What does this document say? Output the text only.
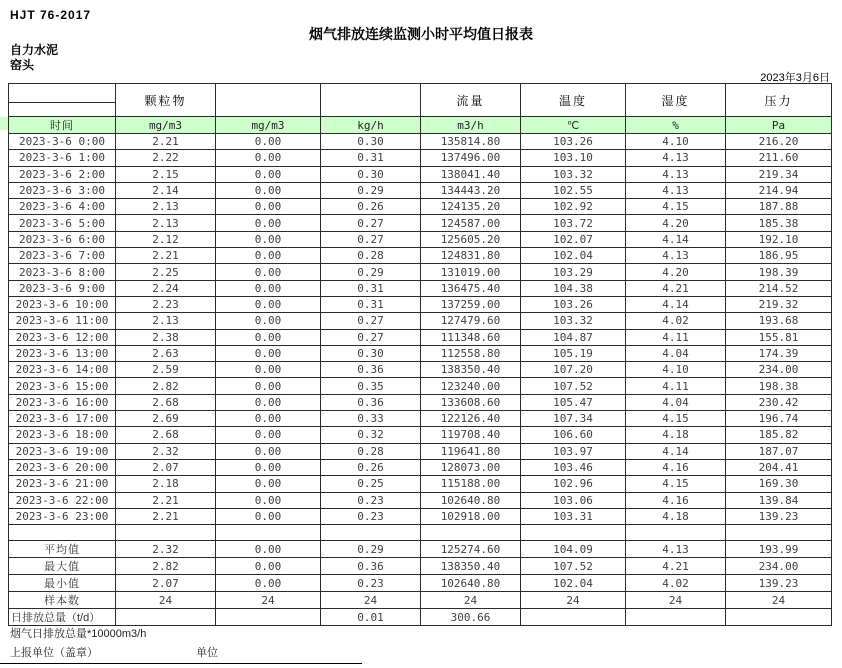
HJT 76-2017
烟气排放连续监测小时平均值日报表
自力水泥
窑头
2023年3月6日
	颗粒物			流量	温度	湿度	压力

时间	mg/m3	mg/m3	kg/h	m3/h	℃	%	Pa
2023-3-6 0:00	2.21	0.00	0.30	135814.80	103.26	4.10	216.20
2023-3-6 1:00	2.22	0.00	0.31	137496.00	103.10	4.13	211.60
2023-3-6 2:00	2.15	0.00	0.30	138041.40	103.32	4.13	219.34
2023-3-6 3:00	2.14	0.00	0.29	134443.20	102.55	4.13	214.94
2023-3-6 4:00	2.13	0.00	0.26	124135.20	102.92	4.15	187.88
2023-3-6 5:00	2.13	0.00	0.27	124587.00	103.72	4.20	185.38
2023-3-6 6:00	2.12	0.00	0.27	125605.20	102.07	4.14	192.10
2023-3-6 7:00	2.21	0.00	0.28	124831.80	102.04	4.13	186.95
2023-3-6 8:00	2.25	0.00	0.29	131019.00	103.29	4.20	198.39
2023-3-6 9:00	2.24	0.00	0.31	136475.40	104.38	4.21	214.52
2023-3-6 10:00	2.23	0.00	0.31	137259.00	103.26	4.14	219.32
2023-3-6 11:00	2.13	0.00	0.27	127479.60	103.32	4.02	193.68
2023-3-6 12:00	2.38	0.00	0.27	111348.60	104.87	4.11	155.81
2023-3-6 13:00	2.63	0.00	0.30	112558.80	105.19	4.04	174.39
2023-3-6 14:00	2.59	0.00	0.36	138350.40	107.20	4.10	234.00
2023-3-6 15:00	2.82	0.00	0.35	123240.00	107.52	4.11	198.38
2023-3-6 16:00	2.68	0.00	0.36	133608.60	105.47	4.04	230.42
2023-3-6 17:00	2.69	0.00	0.33	122126.40	107.34	4.15	196.74
2023-3-6 18:00	2.68	0.00	0.32	119708.40	106.60	4.18	185.82
2023-3-6 19:00	2.32	0.00	0.28	119641.80	103.97	4.14	187.07
2023-3-6 20:00	2.07	0.00	0.26	128073.00	103.46	4.16	204.41
2023-3-6 21:00	2.18	0.00	0.25	115188.00	102.96	4.15	169.30
2023-3-6 22:00	2.21	0.00	0.23	102640.80	103.06	4.16	139.84
2023-3-6 23:00	2.21	0.00	0.23	102918.00	103.31	4.18	139.23

平均值	2.32	0.00	0.29	125274.60	104.09	4.13	193.99
最大值	2.82	0.00	0.36	138350.40	107.52	4.21	234.00
最小值	2.07	0.00	0.23	102640.80	102.04	4.02	139.23
样本数	24	24	24	24	24	24	24
日排放总量（t/d）			0.01	300.66			
烟气日排放总量*10000m3/h
上报单位（盖章）	单位
